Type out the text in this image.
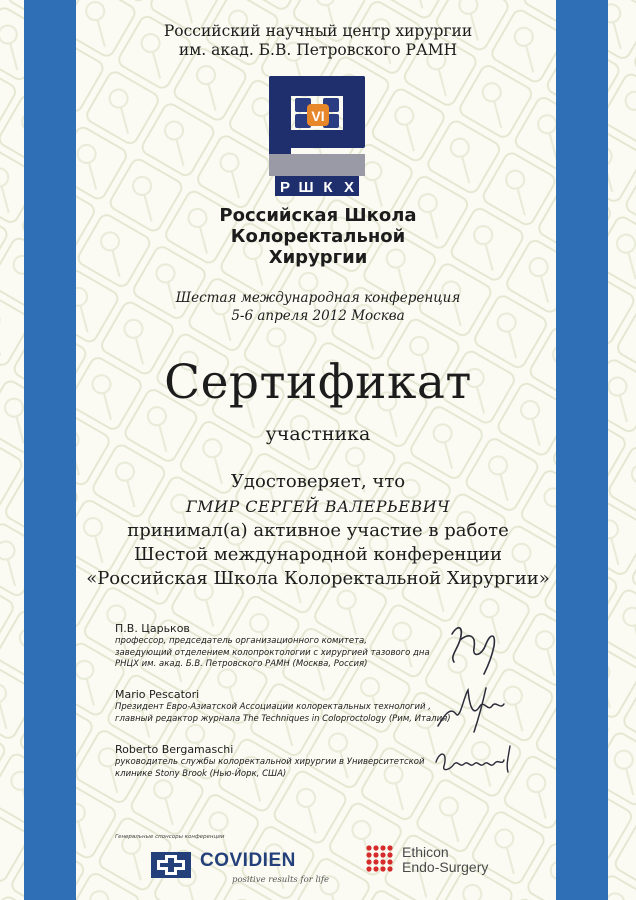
Российский научный центр хирургии
им. акад. Б.В. Петровского РАМН
VI
Р Ш К Х
Российская Школа
Колоректальной
Хирургии
Шестая международная конференция
5-6 апреля 2012 Москва
Сертификат
участника
Удостоверяет, что
ГМИР СЕРГЕЙ ВАЛЕРЬЕВИЧ
принимал(а) активное участие в работе
Шестой международной конференции
«Российская Школа Колоректальной Хирургии»
П.В. Царьков
профессор, председатель организационного комитета,
заведующий отделением колопроктологии с хирургией тазового дна
РНЦХ им. акад. Б.В. Петровского РАМН (Москва, Россия)
Mario Pescatori
Президент Евро-Азиатской Ассоциации колоректальных технологий ,
главный редактор журнала The Techniques in Coloproctology (Рим, Италия)
Roberto Bergamaschi
руководитель службы колоректальной хирургии в Университетской
клинике Stony Brook (Нью-Йорк, США)
Генеральные спонсоры конференции
COVIDIEN
positive results for life
Ethicon
Endo-Surgery
